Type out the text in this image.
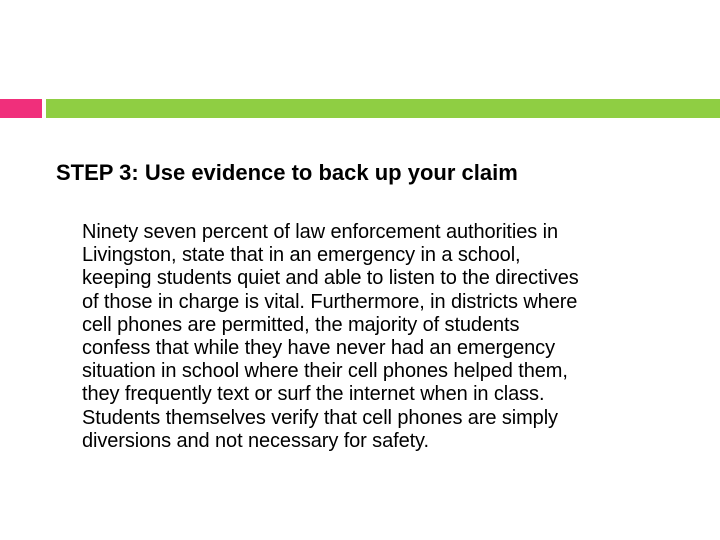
STEP 3: Use evidence to back up your claim

Ninety seven percent of law enforcement authorities in
Livingston, state that in an emergency in a school,
keeping students quiet and able to listen to the directives
of those in charge is vital. Furthermore, in districts where
cell phones are permitted, the majority of students
confess that while they have never had an emergency
situation in school where their cell phones helped them,
they frequently text or surf the internet when in class.
Students themselves verify that cell phones are simply
diversions and not necessary for safety.
